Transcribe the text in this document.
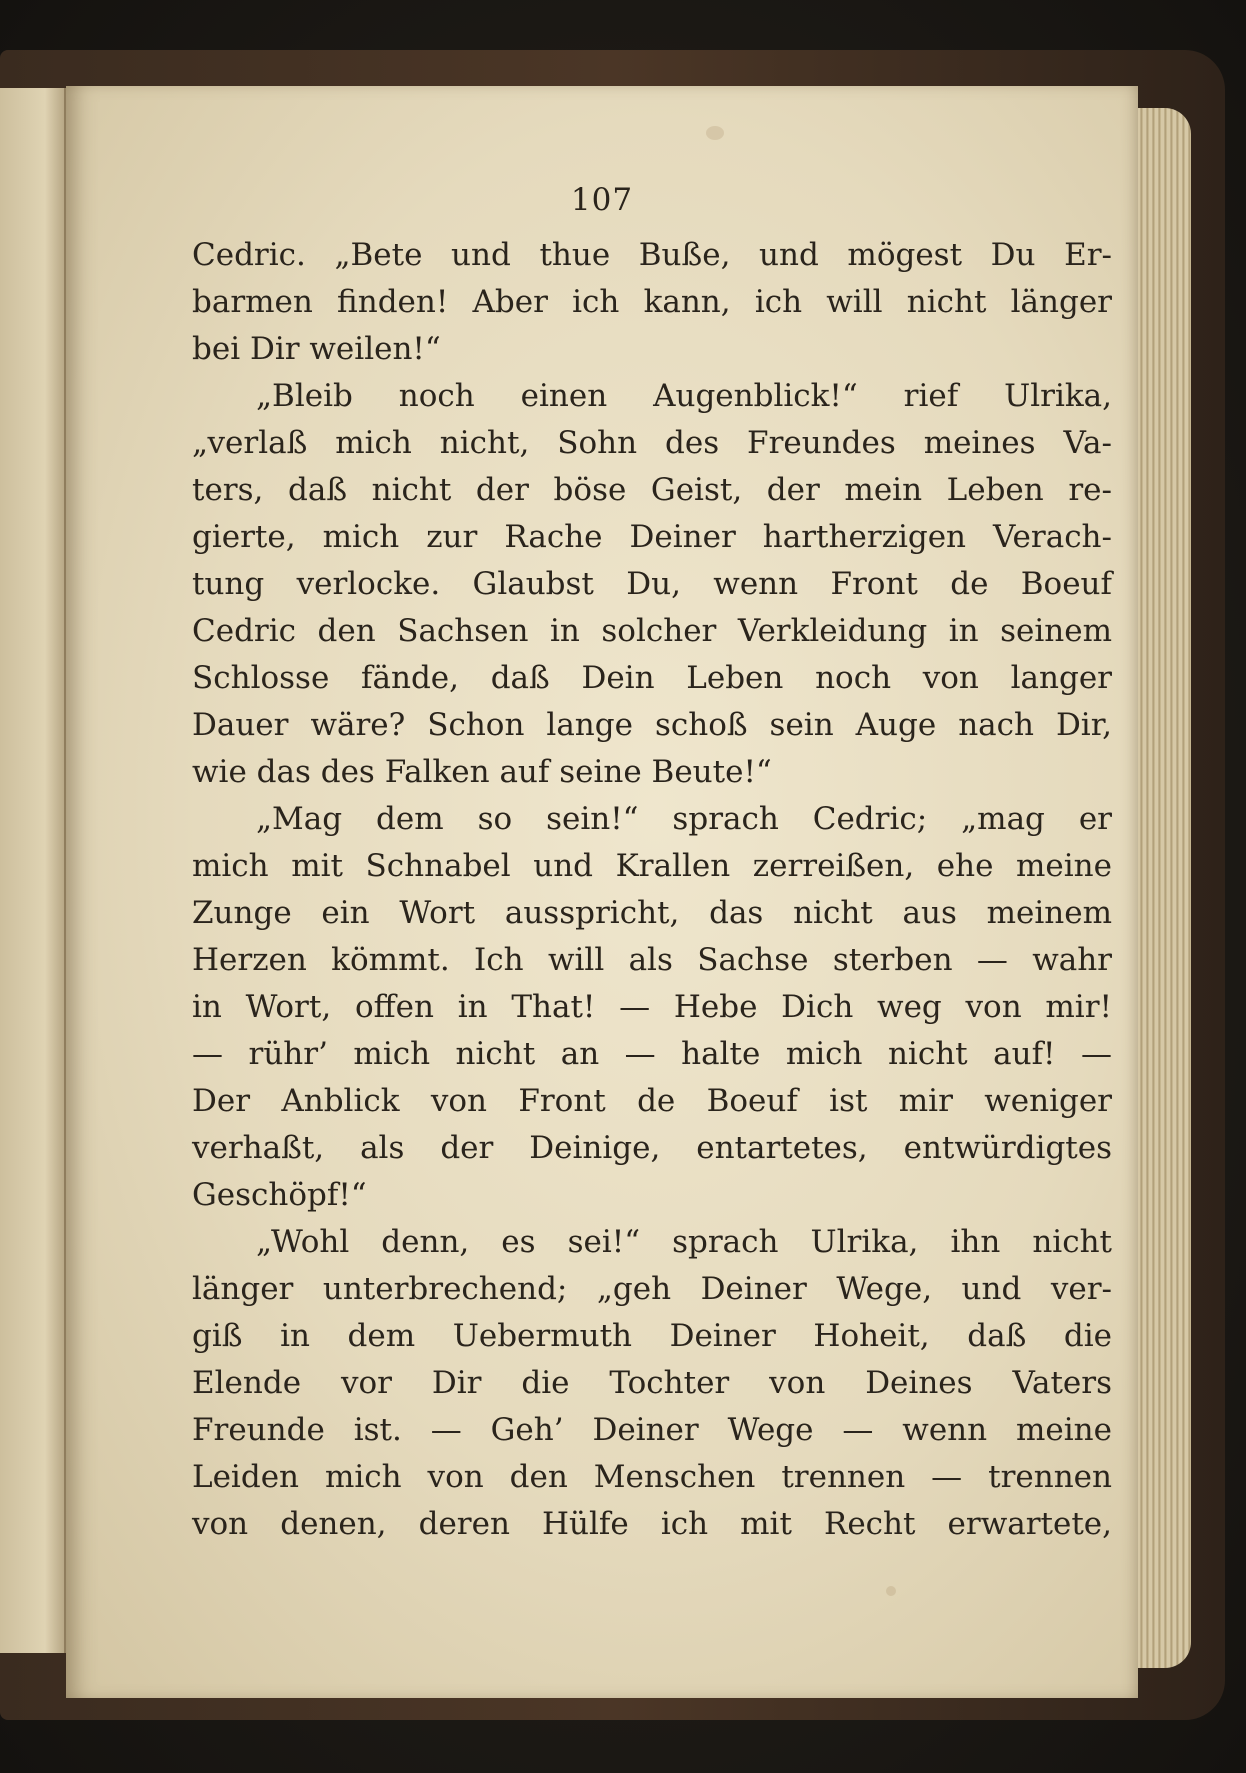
107
Cedric. „Bete und thue Buße, und mögest Du Er-
barmen finden! Aber ich kann, ich will nicht länger
bei Dir weilen!“
„Bleib noch einen Augenblick!“ rief Ulrika,
„verlaß mich nicht, Sohn des Freundes meines Va-
ters, daß nicht der böse Geist, der mein Leben re-
gierte, mich zur Rache Deiner hartherzigen Verach-
tung verlocke. Glaubst Du, wenn Front de Boeuf
Cedric den Sachsen in solcher Verkleidung in seinem
Schlosse fände, daß Dein Leben noch von langer
Dauer wäre? Schon lange schoß sein Auge nach Dir,
wie das des Falken auf seine Beute!“
„Mag dem so sein!“ sprach Cedric; „mag er
mich mit Schnabel und Krallen zerreißen, ehe meine
Zunge ein Wort ausspricht, das nicht aus meinem
Herzen kömmt. Ich will als Sachse sterben — wahr
in Wort, offen in That! — Hebe Dich weg von mir!
— rühr’ mich nicht an — halte mich nicht auf! —
Der Anblick von Front de Boeuf ist mir weniger
verhaßt, als der Deinige, entartetes, entwürdigtes
Geschöpf!“
„Wohl denn, es sei!“ sprach Ulrika, ihn nicht
länger unterbrechend; „geh Deiner Wege, und ver-
giß in dem Uebermuth Deiner Hoheit, daß die
Elende vor Dir die Tochter von Deines Vaters
Freunde ist. — Geh’ Deiner Wege — wenn meine
Leiden mich von den Menschen trennen — trennen
von denen, deren Hülfe ich mit Recht erwartete,
